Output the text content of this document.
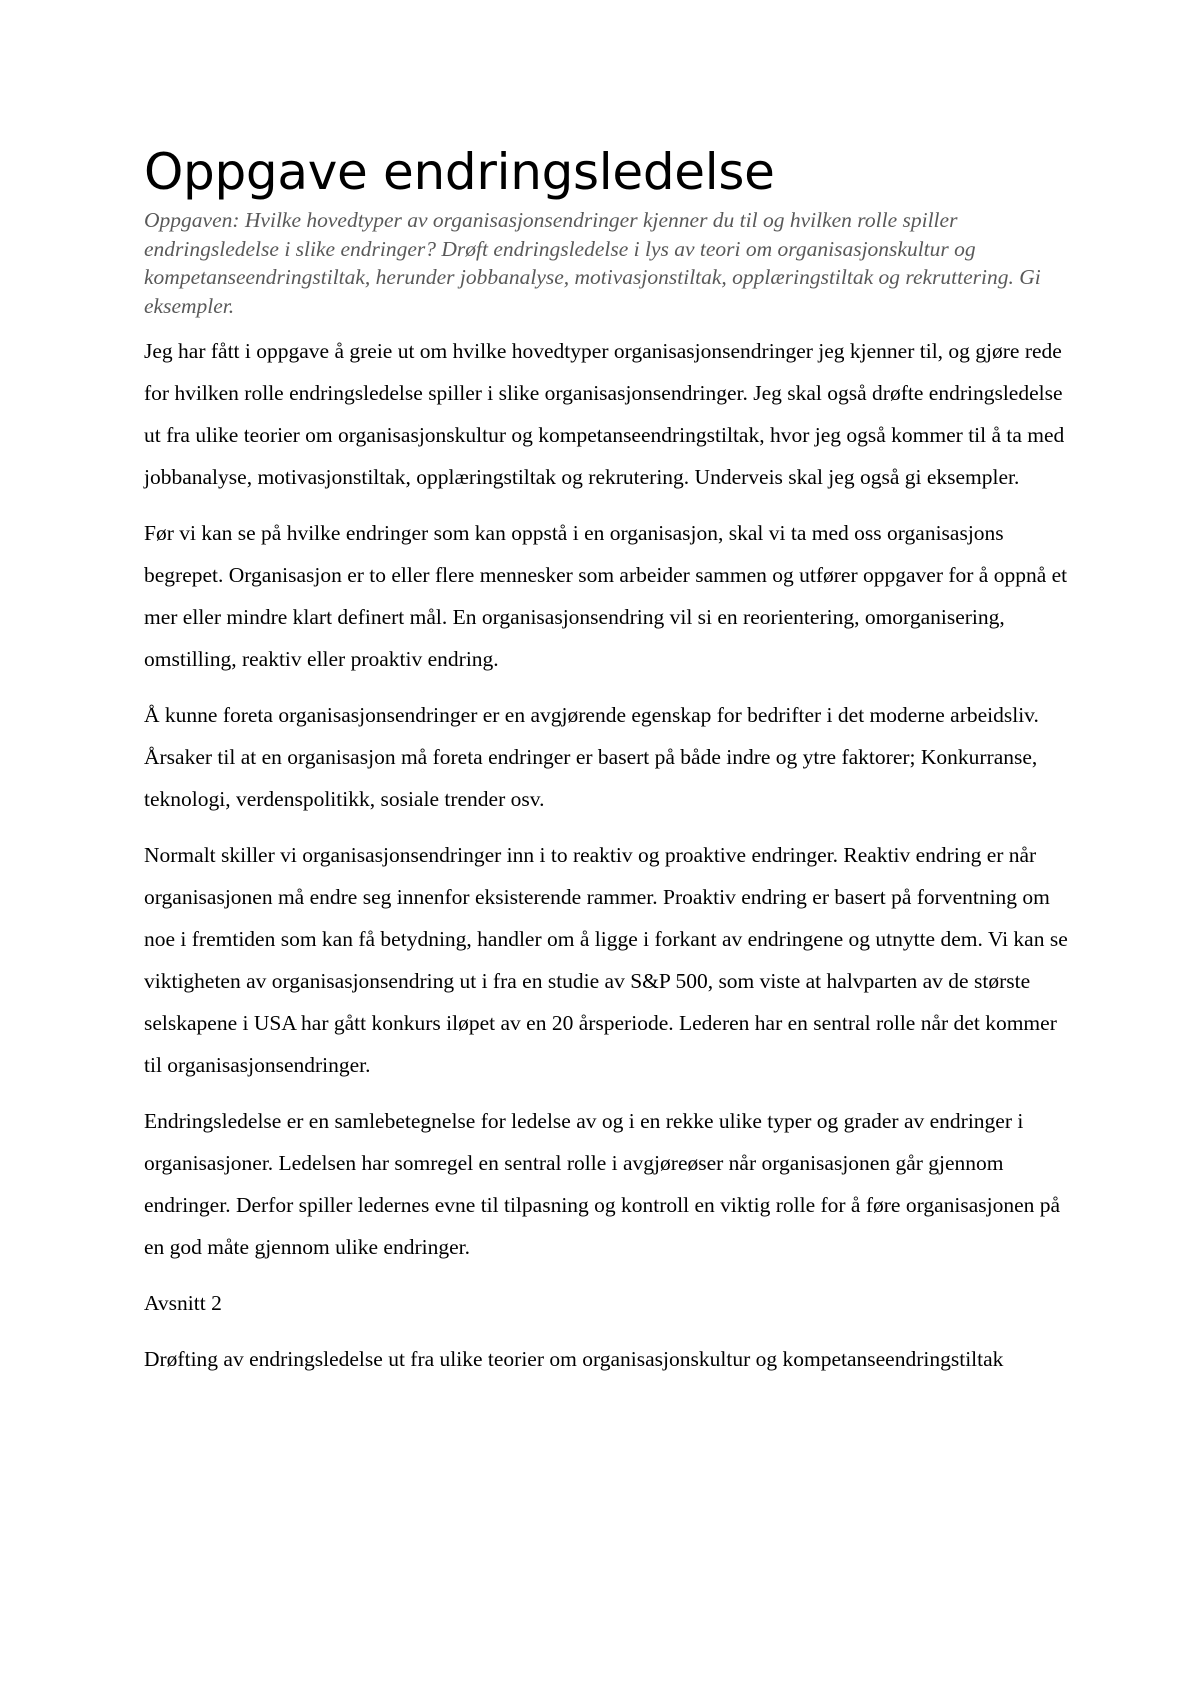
Oppgave endringsledelse

Oppgaven: Hvilke hovedtyper av organisasjonsendringer kjenner du til og hvilken rolle spiller endringsledelse i slike endringer? Drøft endringsledelse i lys av teori om organisasjonskultur og kompetanseendringstiltak, herunder jobbanalyse, motivasjonstiltak, opplæringstiltak og rekruttering. Gi eksempler.

Jeg har fått i oppgave å greie ut om hvilke hovedtyper organisasjonsendringer jeg kjenner til, og gjøre rede for hvilken rolle endringsledelse spiller i slike organisasjonsendringer. Jeg skal også drøfte endringsledelse ut fra ulike teorier om organisasjonskultur og kompetanseendringstiltak, hvor jeg også kommer til å ta med jobbanalyse, motivasjonstiltak, opplæringstiltak og rekrutering. Underveis skal jeg også gi eksempler.

Før vi kan se på hvilke endringer som kan oppstå i en organisasjon, skal vi ta med oss organisasjons begrepet. Organisasjon er to eller flere mennesker som arbeider sammen og utfører oppgaver for å oppnå et mer eller mindre klart definert mål. En organisasjonsendring vil si en reorientering, omorganisering, omstilling, reaktiv eller proaktiv endring.

Å kunne foreta organisasjonsendringer er en avgjørende egenskap for bedrifter i det moderne arbeidsliv. Årsaker til at en organisasjon må foreta endringer er basert på både indre og ytre faktorer; Konkurranse, teknologi, verdenspolitikk, sosiale trender osv.

Normalt skiller vi organisasjonsendringer inn i to reaktiv og proaktive endringer. Reaktiv endring er når organisasjonen må endre seg innenfor eksisterende rammer. Proaktiv endring er basert på forventning om noe i fremtiden som kan få betydning, handler om å ligge i forkant av endringene og utnytte dem. Vi kan se viktigheten av organisasjonsendring ut i fra en studie av S&P 500, som viste at halvparten av de største selskapene i USA har gått konkurs iløpet av en 20 årsperiode. Lederen har en sentral rolle når det kommer til organisasjonsendringer.

Endringsledelse er en samlebetegnelse for ledelse av og i en rekke ulike typer og grader av endringer i organisasjoner. Ledelsen har somregel en sentral rolle i avgjøreøser når organisasjonen går gjennom endringer. Derfor spiller ledernes evne til tilpasning og kontroll en viktig rolle for å føre organisasjonen på en god måte gjennom ulike endringer.

Avsnitt 2

Drøfting av endringsledelse ut fra ulike teorier om organisasjonskultur og kompetanseendringstiltak
